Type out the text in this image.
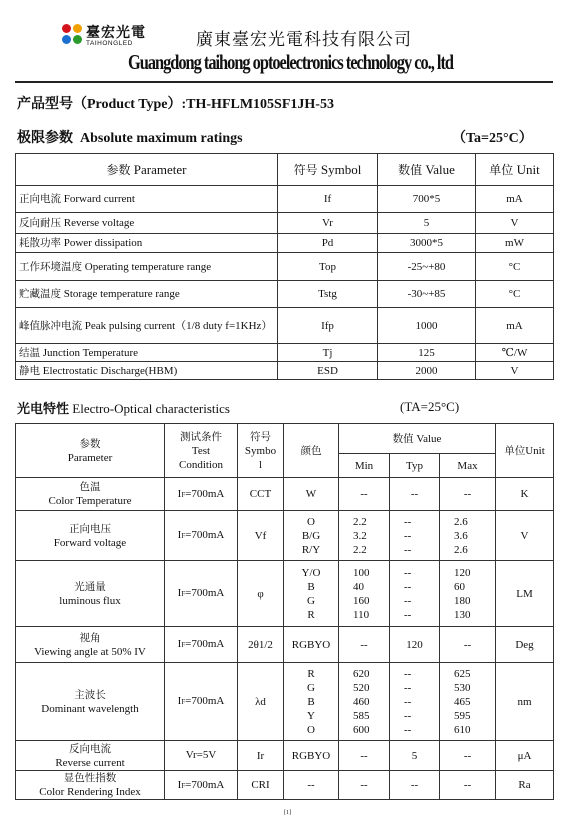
臺宏光電
TAIHONGLED	廣東臺宏光電科技有限公司
Guangdong taihong optoelectronics technology co., ltd
产品型号（Product Type）:TH-HFLM105SF1JH-53
极限参数 Absolute maximum ratings	（Ta=25°C）
参数 Parameter	符号 Symbol	数值 Value	单位 Unit
正向电流 Forward current	If	700*5	mA
反向耐压 Reverse voltage	Vr	5	V
耗散功率 Power dissipation	Pd	3000*5	mW
工作环境温度 Operating temperature range	Top	-25~+80	°C
贮藏温度 Storage temperature range	Tstg	-30~+85	°C
峰值脉冲电流 Peak pulsing current（1/8 duty f=1KHz）	Ifp	1000	mA
结温 Junction Temperature	Tj	125	℃/W
静电 Electrostatic Discharge(HBM)	ESD	2000	V
光电特性 Electro-Optical characteristics	(TA=25°C)
参数
Parameter	测试条件
Test
Condition	符号
Symbo
l	颜色	数值 Value			单位Unit
				Min	Typ	Max	
色温
Color Temperature	IF=700mA	CCT	W	--	--	--	K
正向电压
Forward voltage	IF=700mA	Vf	O
B/G
R/Y	2.2
3.2
2.2	--
--
--	2.6
3.6
2.6	V
光通量
luminous flux	IF=700mA	φ	Y/O
B
G
R	100
40
160
110	--
--
--
--	120
60
180
130	LM
视角
Viewing angle at 50% IV	IF=700mA	2θ1/2	RGBYO	--	120	--	Deg
主波长
Dominant wavelength	IF=700mA	λd	R
G
B
Y
O	620
520
460
585
600	--
--
--
--
--	625
530
465
595
610	nm
反向电流
Reverse current	Vr=5V	Ir	RGBYO	--	5	--	μA
显色性指数
Color Rendering Index	IF=700mA	CRI	--	--	--	--	Ra
[1]
